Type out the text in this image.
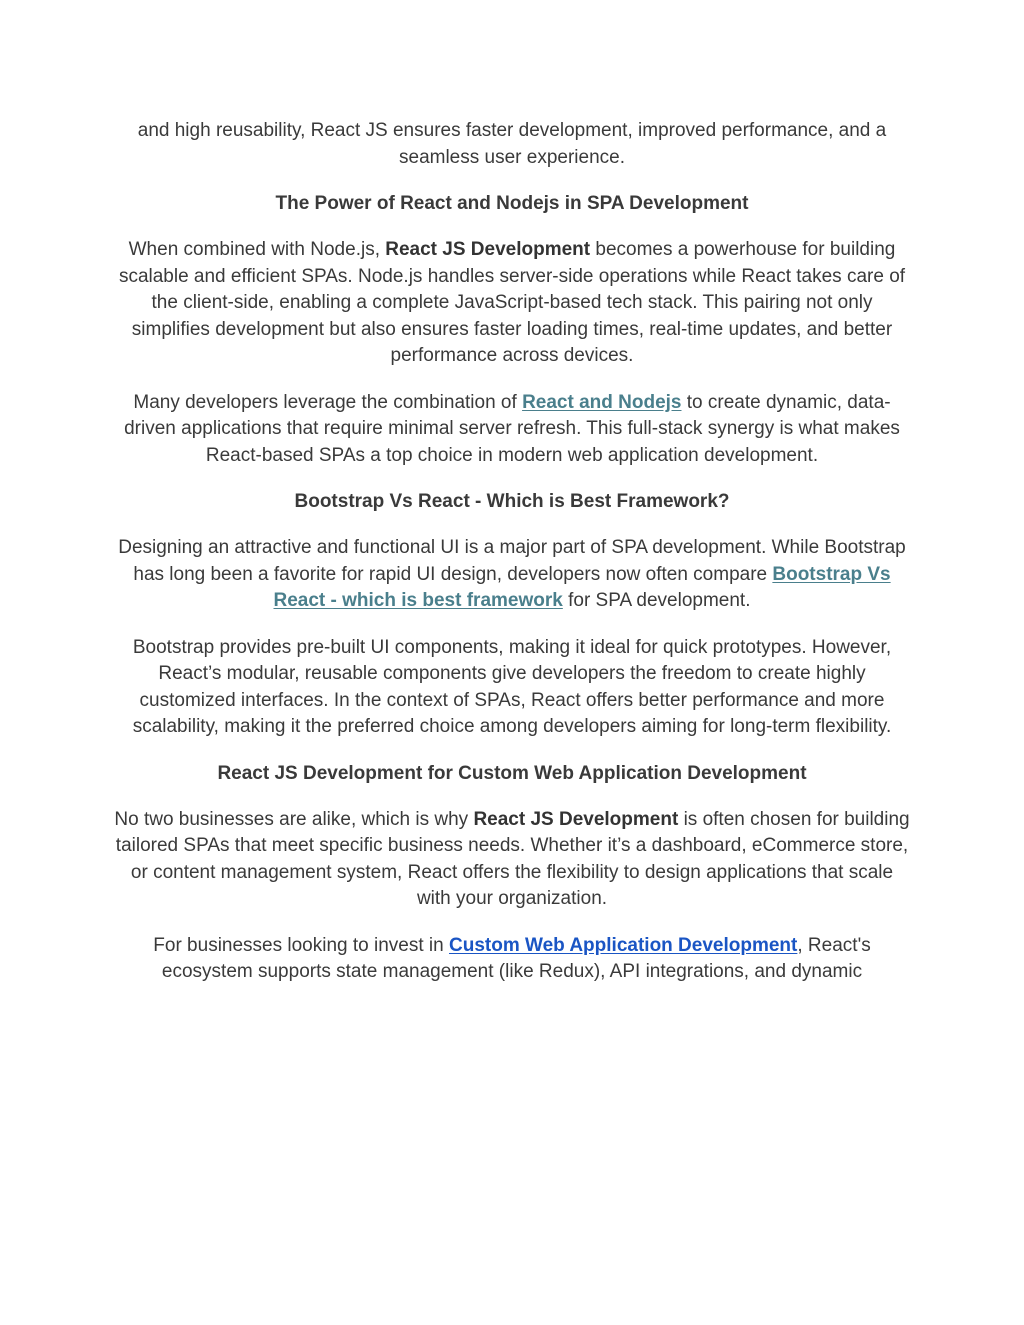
and high reusability, React JS ensures faster development, improved performance, and a seamless user experience.

The Power of React and Nodejs in SPA Development

When combined with Node.js, React JS Development becomes a powerhouse for building scalable and efficient SPAs. Node.js handles server-side operations while React takes care of the client-side, enabling a complete JavaScript-based tech stack. This pairing not only simplifies development but also ensures faster loading times, real-time updates, and better performance across devices.

Many developers leverage the combination of React and Nodejs to create dynamic, data-driven applications that require minimal server refresh. This full-stack synergy is what makes React-based SPAs a top choice in modern web application development.

Bootstrap Vs React - Which is Best Framework?

Designing an attractive and functional UI is a major part of SPA development. While Bootstrap has long been a favorite for rapid UI design, developers now often compare Bootstrap Vs React - which is best framework for SPA development.

Bootstrap provides pre-built UI components, making it ideal for quick prototypes. However, React’s modular, reusable components give developers the freedom to create highly customized interfaces. In the context of SPAs, React offers better performance and more scalability, making it the preferred choice among developers aiming for long-term flexibility.

React JS Development for Custom Web Application Development

No two businesses are alike, which is why React JS Development is often chosen for building tailored SPAs that meet specific business needs. Whether it’s a dashboard, eCommerce store, or content management system, React offers the flexibility to design applications that scale with your organization.

For businesses looking to invest in Custom Web Application Development, React's ecosystem supports state management (like Redux), API integrations, and dynamic
